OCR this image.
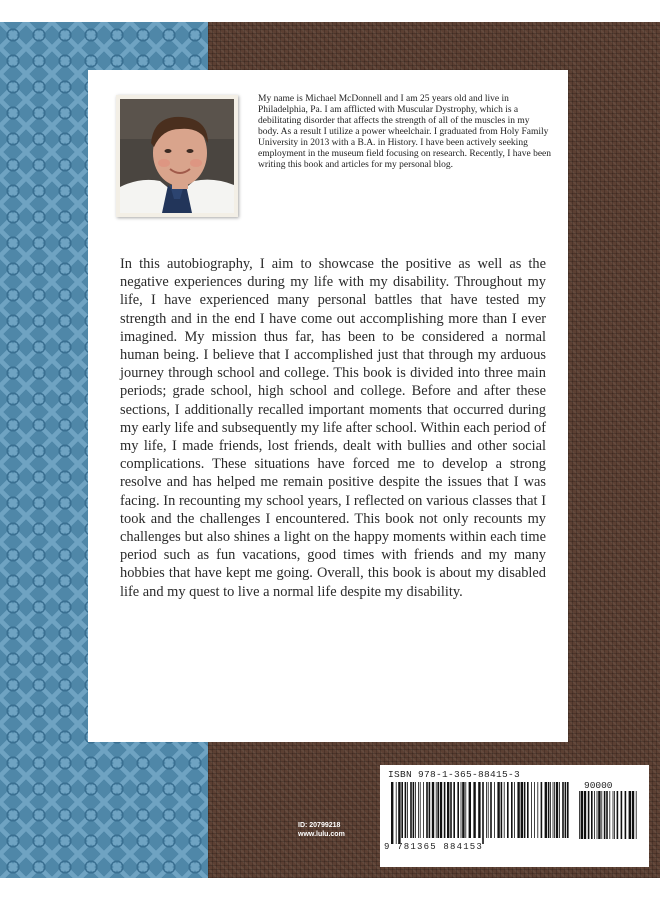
My name is Michael McDonnell and I am 25 years old and live in Philadelphia, Pa. I am afflicted with Muscular Dystrophy, which is a debilitating disorder that affects the strength of all of the muscles in my body. As a result I utilize a power wheelchair. I graduated from Holy Family University in 2013 with a B.A. in History. I have been actively seeking employment in the museum field focusing on research. Recently, I have been writing this book and articles for my personal blog.

In this autobiography, I aim to showcase the positive as well as the negative experiences during my life with my disability. Throughout my life, I have experienced many personal battles that have tested my strength and in the end I have come out accomplishing more than I ever imagined. My mission thus far, has been to be considered a normal human being. I believe that I accomplished just that through my arduous journey through school and college. This book is divided into three main periods; grade school, high school and college. Before and after these sections, I additionally recalled important moments that occurred during my early life and subsequently my life after school. Within each period of my life, I made friends, lost friends, dealt with bullies and other social complications. These situations have forced me to develop a strong resolve and has helped me remain positive despite the issues that I was facing. In recounting my school years, I reflected on various classes that I took and the challenges I encountered. This book not only recounts my challenges but also shines a light on the happy moments within each time period such as fun vacations, good times with friends and my many hobbies that have kept me going. Overall, this book is about my disabled life and my quest to live a normal life despite my disability.

ID: 20799218
www.lulu.com
ISBN 978-1-365-88415-3
90000
9 781365 884153
